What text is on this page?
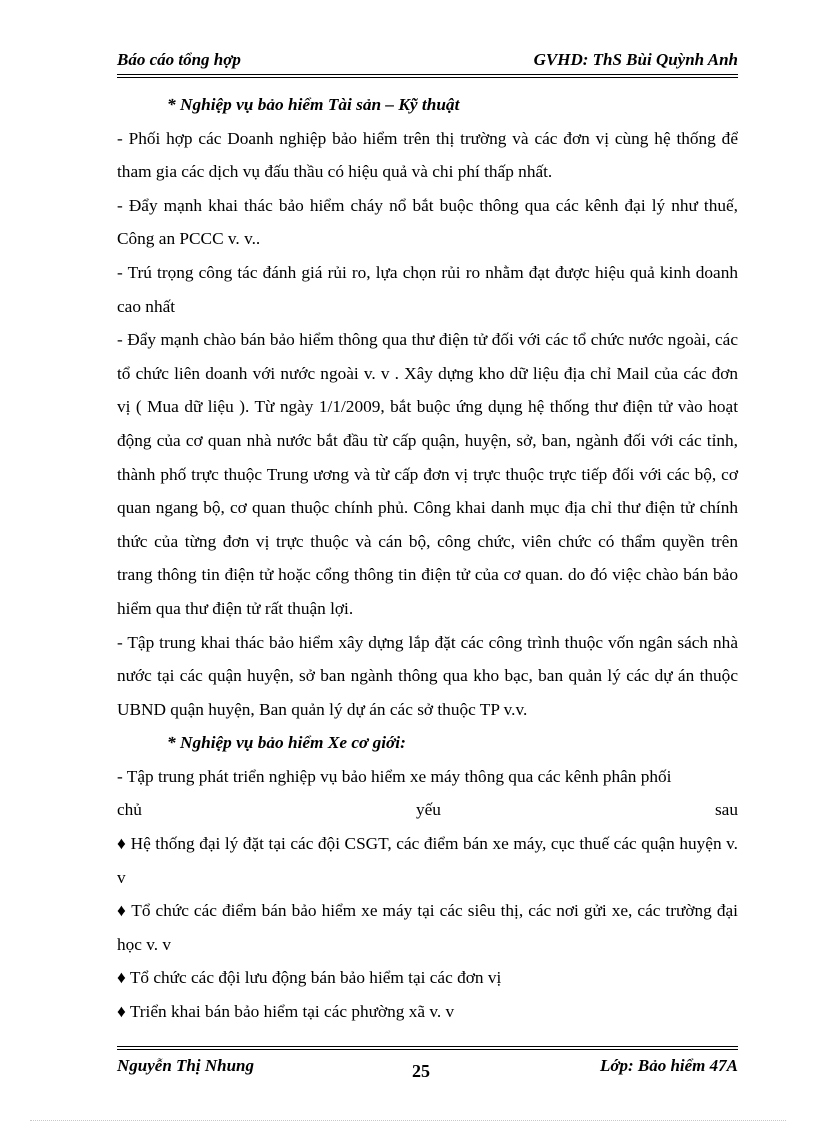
Báo cáo tổng hợp	GVHD: ThS Bùi Quỳnh Anh

* Nghiệp vụ bảo hiểm Tài sản – Kỹ thuật

- Phối hợp các Doanh nghiệp bảo hiểm trên thị trường và các đơn vị cùng hệ thống để tham gia các dịch vụ đấu thầu có hiệu quả và chi phí thấp nhất.

- Đẩy mạnh khai thác bảo hiểm cháy nổ bắt buộc thông qua các kênh đại lý như thuế, Công an PCCC v. v..

- Trú trọng công tác đánh giá rủi ro, lựa chọn rủi ro nhằm đạt được hiệu quả kinh doanh cao nhất

- Đẩy mạnh chào bán bảo hiểm thông qua thư điện tử đối với các tổ chức nước ngoài, các tổ chức liên doanh với nước ngoài v. v . Xây dựng kho dữ liệu địa chỉ Mail của các đơn vị ( Mua dữ liệu ). Từ ngày 1/1/2009, bắt buộc ứng dụng hệ thống thư điện tử vào hoạt động của cơ quan nhà nước bắt đầu từ cấp quận, huyện, sở, ban, ngành đối với các tỉnh, thành phố trực thuộc Trung ương và từ cấp đơn vị trực thuộc trực tiếp đối với các bộ, cơ quan ngang bộ, cơ quan thuộc chính phủ. Công khai danh mục địa chỉ thư điện tử chính thức của từng đơn vị trực thuộc và cán bộ, công chức, viên chức có thẩm quyền trên trang thông tin điện tử hoặc cổng thông tin điện tử của cơ quan. do đó việc chào bán bảo hiểm qua thư điện tử rất thuận lợi.

- Tập trung khai thác bảo hiểm xây dựng lắp đặt các công trình thuộc vốn ngân sách nhà nước tại các quận huyện, sở ban ngành thông qua kho bạc, ban quản lý các dự án thuộc UBND quận huyện, Ban quản lý dự án các sở thuộc TP v.v.

* Nghiệp vụ bảo hiểm Xe cơ giới:

- Tập trung phát triển nghiệp vụ bảo hiểm xe máy thông qua các kênh phân phối

chủ	yếu	sau

♦ Hệ thống đại lý đặt tại các đội CSGT, các điểm bán xe máy, cục thuế các quận huyện v. v

♦ Tổ chức các điểm bán bảo hiểm xe máy tại các siêu thị, các nơi gửi xe, các trường đại học v. v

♦ Tổ chức các đội lưu động bán bảo hiểm tại các đơn vị

♦ Triển khai bán bảo hiểm tại các phường xã v. v

Nguyễn Thị Nhung	25	Lớp: Bảo hiểm 47A
